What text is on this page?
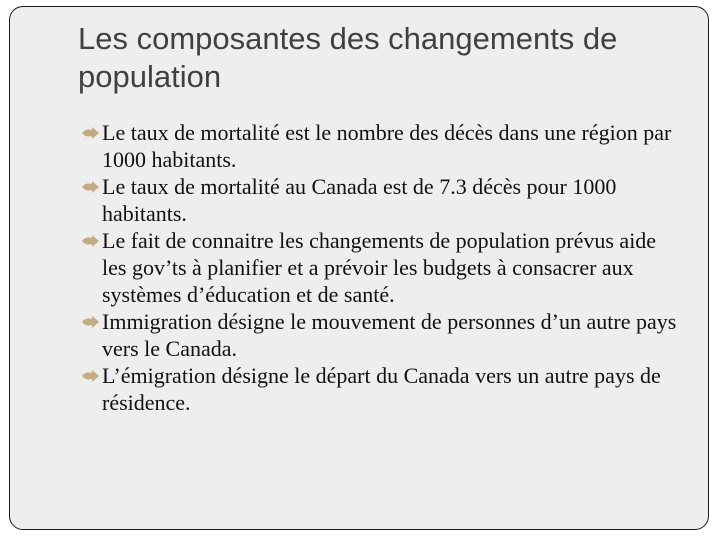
Les composantes des changements de population
Le taux de mortalité est le nombre des décès dans une région par 1000 habitants.
Le taux de mortalité au Canada est de 7.3 décès pour 1000 habitants.
Le fait de connaitre les changements de population prévus aide les gov’ts à planifier et a prévoir les budgets à consacrer aux systèmes d’éducation et de santé.
Immigration désigne le mouvement de personnes d’un autre pays vers le Canada.
L’émigration désigne le départ du Canada vers un autre pays de résidence.
